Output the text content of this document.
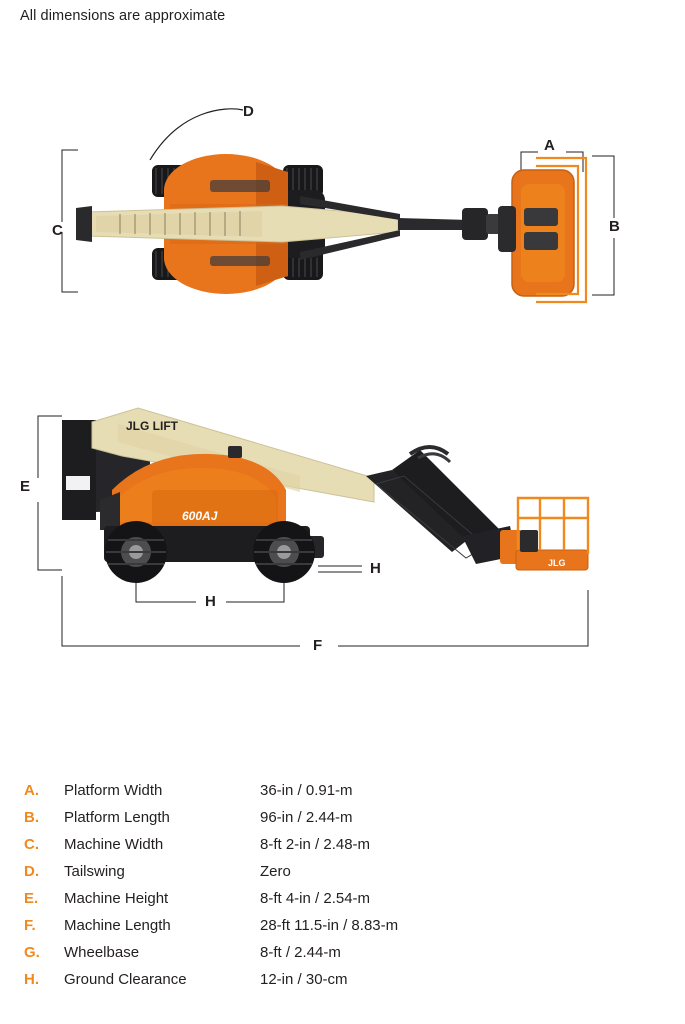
All dimensions are approximate
C
D
A
B
JLG LIFT
600AJ
JLG
E
H
H
F
A.	Platform Width	36-in / 0.91-m
B.	Platform Length	96-in / 2.44-m
C.	Machine Width	8-ft 2-in / 2.48-m
D.	Tailswing	Zero
E.	Machine Height	8-ft 4-in / 2.54-m
F.	Machine Length	28-ft 11.5-in / 8.83-m
G.	Wheelbase	8-ft / 2.44-m
H.	Ground Clearance	12-in / 30-cm
